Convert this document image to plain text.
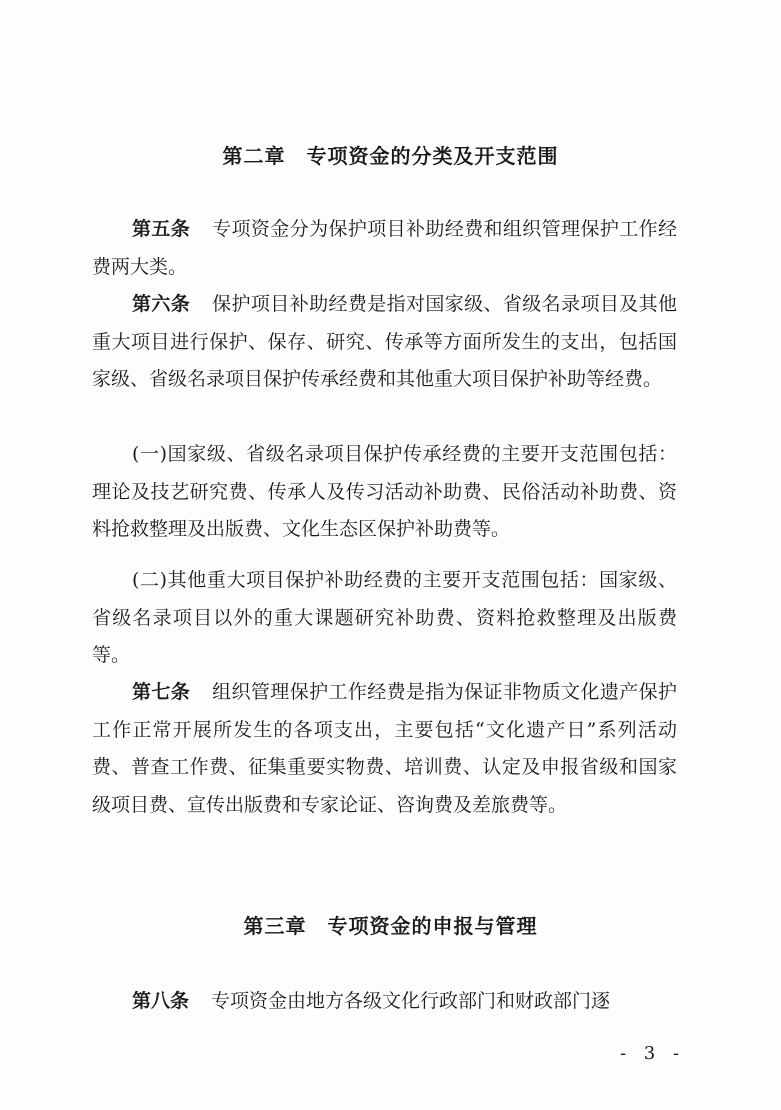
第二章　专项资金的分类及开支范围
第五条 专项资金分为保护项目补助经费和组织管理保护工作经费两大类。
第六条 保护项目补助经费是指对国家级、省级名录项目及其他重大项目进行保护、保存、研究、传承等方面所发生的支出，包括国家级、省级名录项目保护传承经费和其他重大项目保护补助等经费。
(一)国家级、省级名录项目保护传承经费的主要开支范围包括：理论及技艺研究费、传承人及传习活动补助费、民俗活动补助费、资料抢救整理及出版费、文化生态区保护补助费等。
(二)其他重大项目保护补助经费的主要开支范围包括：国家级、省级名录项目以外的重大课题研究补助费、资料抢救整理及出版费等。
第七条 组织管理保护工作经费是指为保证非物质文化遗产保护工作正常开展所发生的各项支出，主要包括“文化遗产日”系列活动费、普查工作费、征集重要实物费、培训费、认定及申报省级和国家级项目费、宣传出版费和专家论证、咨询费及差旅费等。
第三章　专项资金的申报与管理
第八条 专项资金由地方各级文化行政部门和财政部门逐
- 3 -
